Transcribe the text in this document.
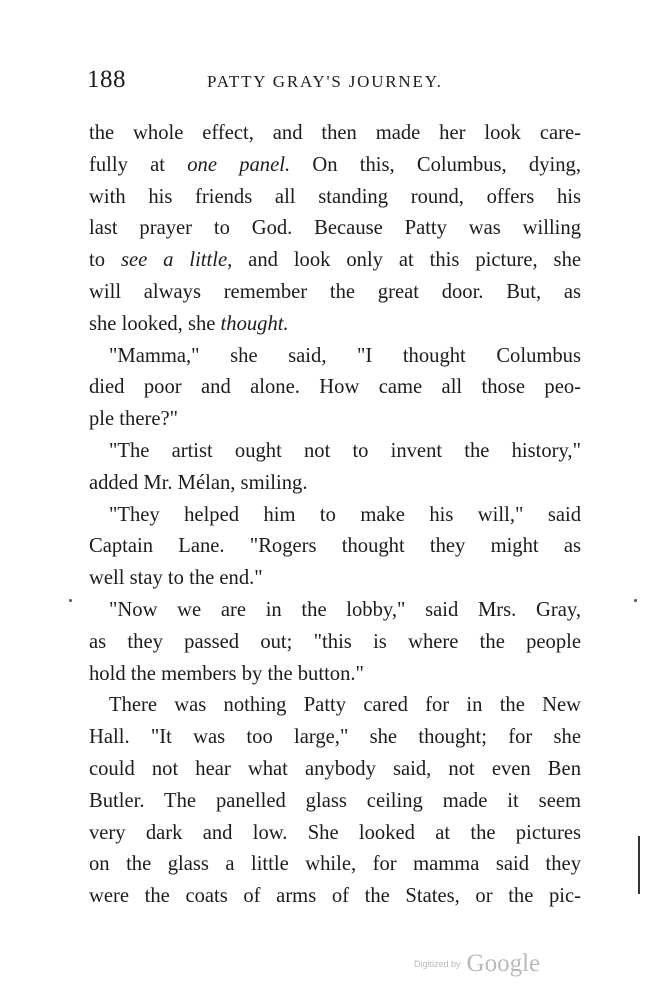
188	PATTY GRAY'S JOURNEY.
the whole effect, and then made her look care-
fully at one panel. On this, Columbus, dying,
with his friends all standing round, offers his
last prayer to God. Because Patty was willing
to see a little, and look only at this picture, she
will always remember the great door. But, as
she looked, she thought.
"Mamma," she said, "I thought Columbus
died poor and alone. How came all those peo-
ple there?"
"The artist ought not to invent the history,"
added Mr. Mélan, smiling.
"They helped him to make his will," said
Captain Lane. "Rogers thought they might as
well stay to the end."
"Now we are in the lobby," said Mrs. Gray,
as they passed out; "this is where the people
hold the members by the button."
There was nothing Patty cared for in the New
Hall. "It was too large," she thought; for she
could not hear what anybody said, not even Ben
Butler. The panelled glass ceiling made it seem
very dark and low. She looked at the pictures
on the glass a little while, for mamma said they
were the coats of arms of the States, or the pic-
Digitized by Google
